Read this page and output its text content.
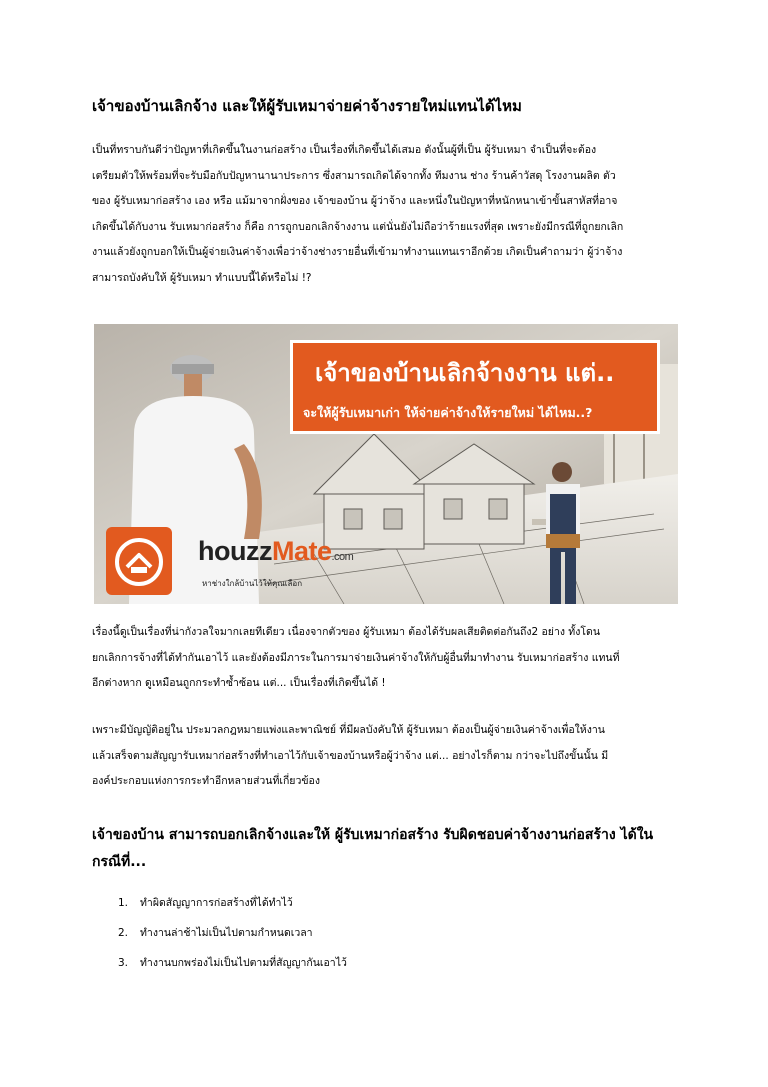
เจ้าของบ้านเลิกจ้าง และให้ผู้รับเหมาจ่ายค่าจ้างรายใหม่แทนได้ไหม
เป็นที่ทราบกันดีว่าปัญหาที่เกิดขึ้นในงานก่อสร้าง เป็นเรื่องที่เกิดขึ้นได้เสมอ ดังนั้นผู้ที่เป็น ผู้รับเหมา จำเป็นที่จะต้อง
เตรียมตัวให้พร้อมที่จะรับมือกับปัญหานานาประการ ซึ่งสามารถเกิดได้จากทั้ง ทีมงาน ช่าง ร้านค้าวัสดุ โรงงานผลิต ตัว
ของ ผู้รับเหมาก่อสร้าง เอง หรือ แม้มาจากฝั่งของ เจ้าของบ้าน ผู้ว่าจ้าง และหนึ่งในปัญหาที่หนักหนาเข้าขั้นสาหัสที่อาจ
เกิดขึ้นได้กับงาน รับเหมาก่อสร้าง ก็คือ การถูกบอกเลิกจ้างงาน แต่นั่นยังไม่ถือว่าร้ายแรงที่สุด เพราะยังมีกรณีที่ถูกยกเลิก
งานแล้วยังถูกบอกให้เป็นผู้จ่ายเงินค่าจ้างเพื่อว่าจ้างช่างรายอื่นที่เข้ามาทำงานแทนเราอีกด้วย เกิดเป็นคำถามว่า ผู้ว่าจ้าง
สามารถบังคับให้ ผู้รับเหมา ทำแบบนี้ได้หรือไม่ !?
เจ้าของบ้านเลิกจ้างงาน แต่..
จะให้ผู้รับเหมาเก่า ให้จ่ายค่าจ้างให้รายใหม่ ได้ไหม..?
houzzMate.com
หาช่างใกล้บ้านไว้ให้คุณเลือก
เรื่องนี้ดูเป็นเรื่องที่น่ากังวลใจมากเลยทีเดียว เนื่องจากตัวของ ผู้รับเหมา ต้องได้รับผลเสียติดต่อกันถึง2 อย่าง ทั้งโดน
ยกเลิกการจ้างที่ได้ทำกันเอาไว้ และยังต้องมีภาระในการมาจ่ายเงินค่าจ้างให้กับผู้อื่นที่มาทำงาน รับเหมาก่อสร้าง แทนที่
อีกต่างหาก ดูเหมือนถูกกระทำซ้ำซ้อน แต่... เป็นเรื่องที่เกิดขึ้นได้ !
เพราะมีบัญญัติอยู่ใน ประมวลกฎหมายแพ่งและพาณิชย์ ที่มีผลบังคับให้ ผู้รับเหมา ต้องเป็นผู้จ่ายเงินค่าจ้างเพื่อให้งาน
แล้วเสร็จตามสัญญารับเหมาก่อสร้างที่ทำเอาไว้กับเจ้าของบ้านหรือผู้ว่าจ้าง แต่... อย่างไรก็ตาม กว่าจะไปถึงขั้นนั้น มี
องค์ประกอบแห่งการกระทำอีกหลายส่วนที่เกี่ยวข้อง
เจ้าของบ้าน สามารถบอกเลิกจ้างและให้ ผู้รับเหมาก่อสร้าง รับผิดชอบค่าจ้างงานก่อสร้าง ได้ใน
กรณีที่...
1.	ทำผิดสัญญาการก่อสร้างที่ได้ทำไว้
2.	ทำงานล่าช้าไม่เป็นไปตามกำหนดเวลา
3.	ทำงานบกพร่องไม่เป็นไปตามที่สัญญากันเอาไว้
